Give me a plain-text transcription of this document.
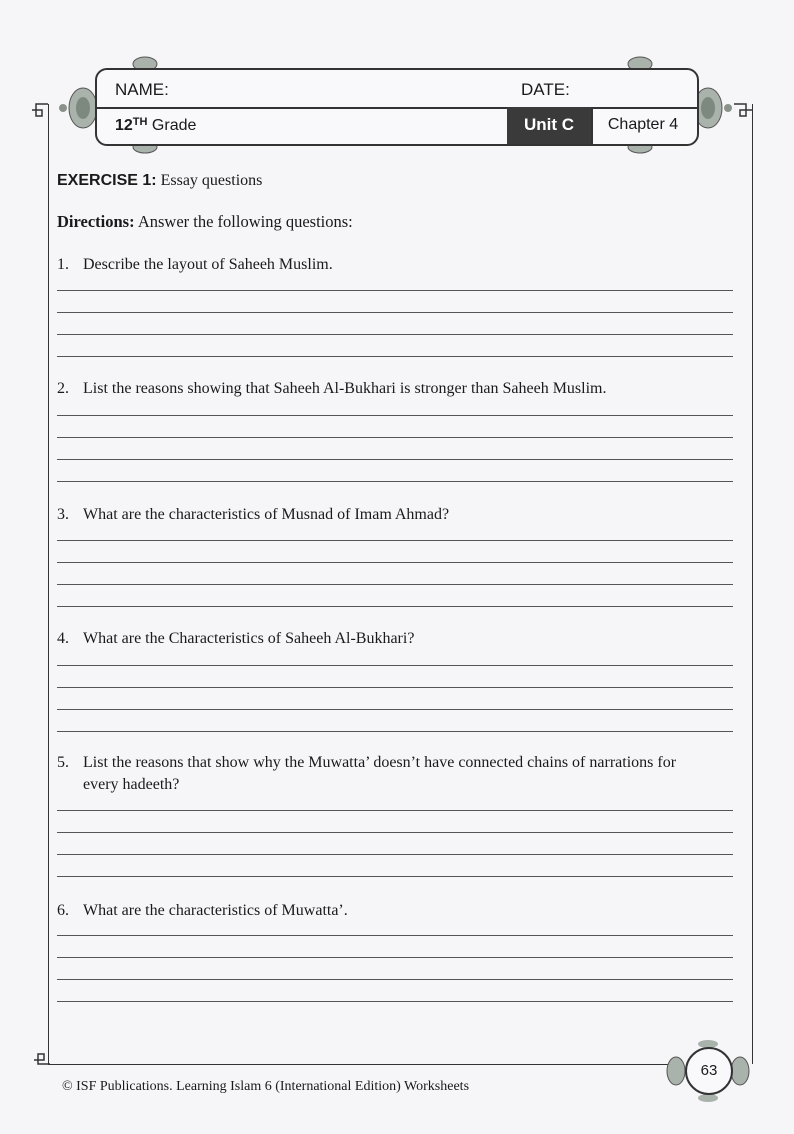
NAME:	DATE:
12TH Grade	Unit C	Chapter 4
EXERCISE 1: Essay questions
Directions: Answer the following questions:
1. Describe the layout of Saheeh Muslim.
2. List the reasons showing that Saheeh Al-Bukhari is stronger than Saheeh Muslim.
3. What are the characteristics of Musnad of Imam Ahmad?
4. What are the Characteristics of Saheeh Al-Bukhari?
5. List the reasons that show why the Muwatta’ doesn’t have connected chains of narrations for
every hadeeth?
6. What are the characteristics of Muwatta’.
63
© ISF Publications. Learning Islam 6 (International Edition) Worksheets
